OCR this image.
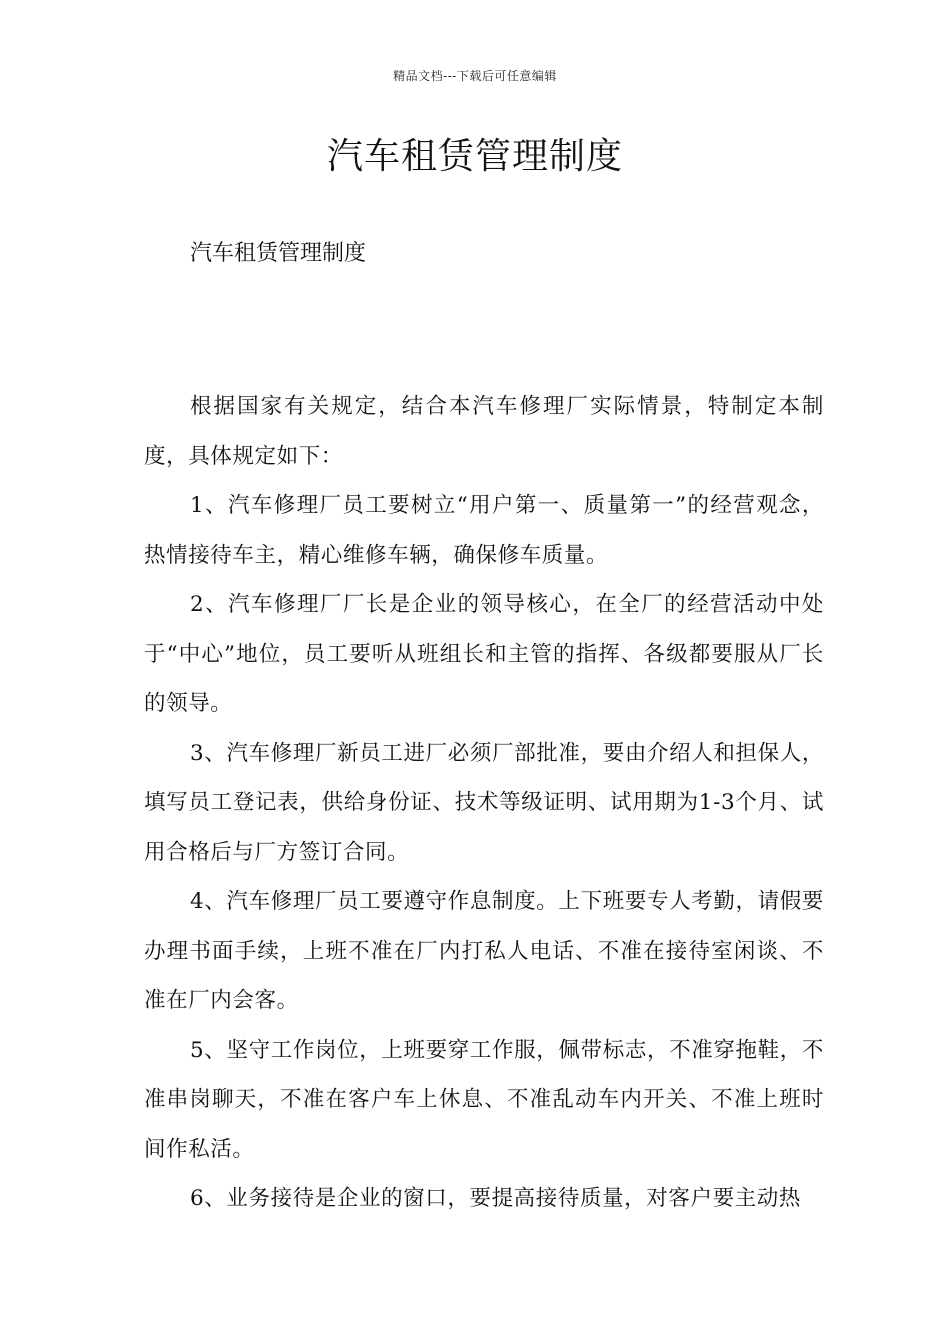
精品文档---下载后可任意编辑
汽车租赁管理制度

汽车租赁管理制度

根据国家有关规定，结合本汽车修理厂实际情景，特制定本制度，具体规定如下：

1、汽车修理厂员工要树立“用户第一、质量第一”的经营观念，热情接待车主，精心维修车辆，确保修车质量。

2、汽车修理厂厂长是企业的领导核心，在全厂的经营活动中处于“中心”地位，员工要听从班组长和主管的指挥、各级都要服从厂长的领导。

3、汽车修理厂新员工进厂必须厂部批准，要由介绍人和担保人，填写员工登记表，供给身份证、技术等级证明、试用期为1-3个月、试用合格后与厂方签订合同。

4、汽车修理厂员工要遵守作息制度。上下班要专人考勤，请假要办理书面手续，上班不准在厂内打私人电话、不准在接待室闲谈、不准在厂内会客。

5、坚守工作岗位，上班要穿工作服，佩带标志，不准穿拖鞋，不准串岗聊天，不准在客户车上休息、不准乱动车内开关、不准上班时间作私活。

6、业务接待是企业的窗口，要提高接待质量，对客户要主动热
